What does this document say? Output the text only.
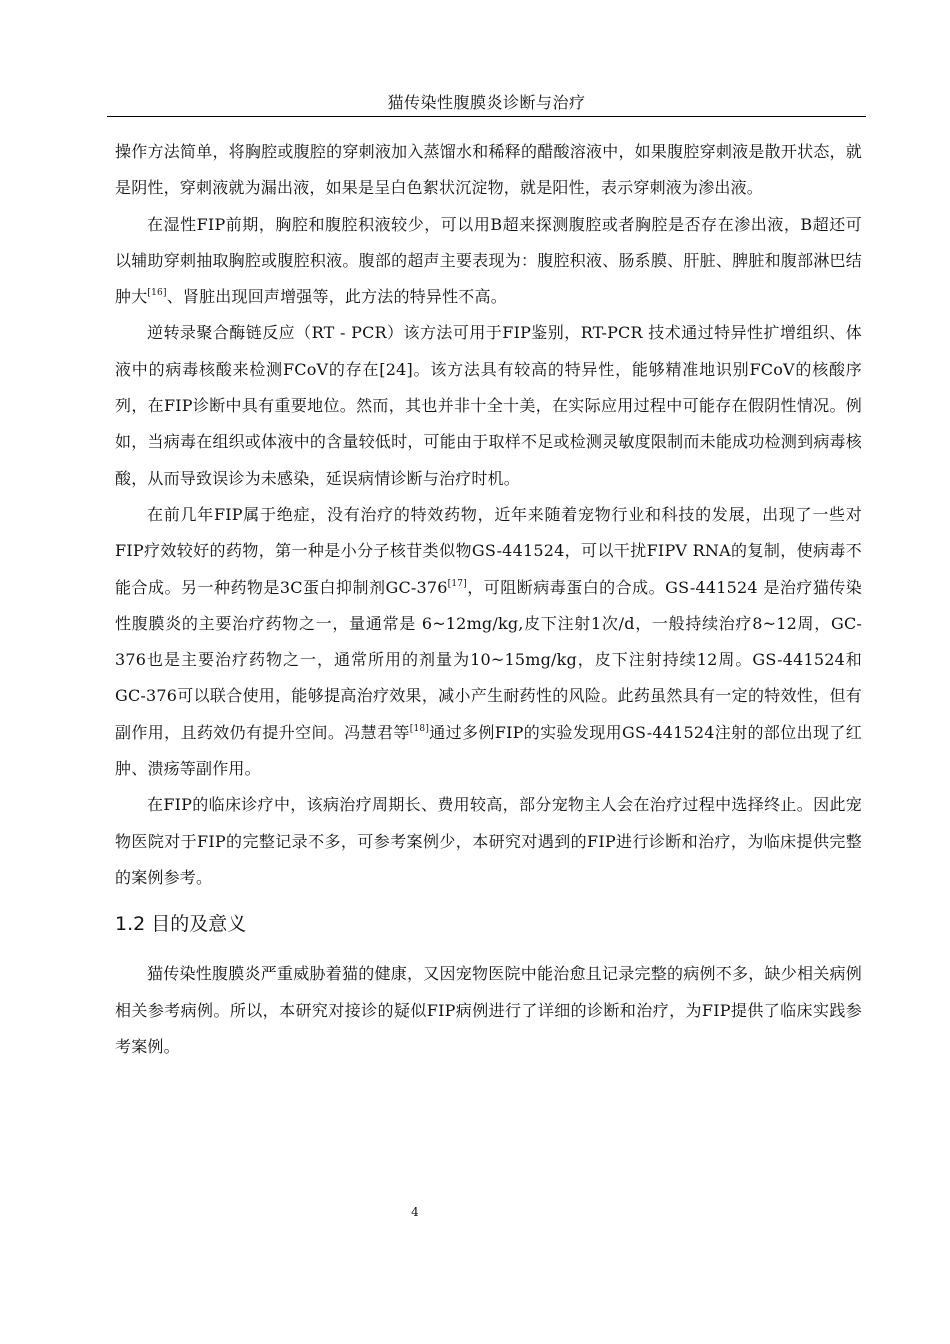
猫传染性腹膜炎诊断与治疗

操作方法简单，将胸腔或腹腔的穿刺液加入蒸馏水和稀释的醋酸溶液中，如果腹腔穿刺液是散开状态，就是阴性，穿刺液就为漏出液，如果是呈白色絮状沉淀物，就是阳性，表示穿刺液为渗出液。

在湿性FIP前期，胸腔和腹腔积液较少，可以用B超来探测腹腔或者胸腔是否存在渗出液，B超还可以辅助穿刺抽取胸腔或腹腔积液。腹部的超声主要表现为：腹腔积液、肠系膜、肝脏、脾脏和腹部淋巴结肿大[16]、肾脏出现回声增强等，此方法的特异性不高。

逆转录聚合酶链反应（RT - PCR）该方法可用于FIP鉴别，RT-PCR 技术通过特异性扩增组织、体液中的病毒核酸来检测FCoV的存在[24]。该方法具有较高的特异性，能够精准地识别FCoV的核酸序列，在FIP诊断中具有重要地位。然而，其也并非十全十美，在实际应用过程中可能存在假阴性情况。例如，当病毒在组织或体液中的含量较低时，可能由于取样不足或检测灵敏度限制而未能成功检测到病毒核酸，从而导致误诊为未感染，延误病情诊断与治疗时机。

在前几年FIP属于绝症，没有治疗的特效药物，近年来随着宠物行业和科技的发展，出现了一些对FIP疗效较好的药物，第一种是小分子核苷类似物GS-441524，可以干扰FIPV RNA的复制，使病毒不能合成。另一种药物是3C蛋白抑制剂GC-376[17]，可阻断病毒蛋白的合成。GS-441524 是治疗猫传染性腹膜炎的主要治疗药物之一，量通常是 6~12mg/kg,皮下注射1次/d，一般持续治疗8~12周，GC-376也是主要治疗药物之一，通常所用的剂量为10~15mg/kg，皮下注射持续12周。GS-441524和GC-376可以联合使用，能够提高治疗效果，减小产生耐药性的风险。此药虽然具有一定的特效性，但有副作用，且药效仍有提升空间。冯慧君等[18]通过多例FIP的实验发现用GS-441524注射的部位出现了红肿、溃疡等副作用。

在FIP的临床诊疗中，该病治疗周期长、费用较高，部分宠物主人会在治疗过程中选择终止。因此宠物医院对于FIP的完整记录不多，可参考案例少，本研究对遇到的FIP进行诊断和治疗，为临床提供完整的案例参考。

1.2 目的及意义

猫传染性腹膜炎严重威胁着猫的健康，又因宠物医院中能治愈且记录完整的病例不多，缺少相关病例相关参考病例。所以，本研究对接诊的疑似FIP病例进行了详细的诊断和治疗，为FIP提供了临床实践参考案例。

4
